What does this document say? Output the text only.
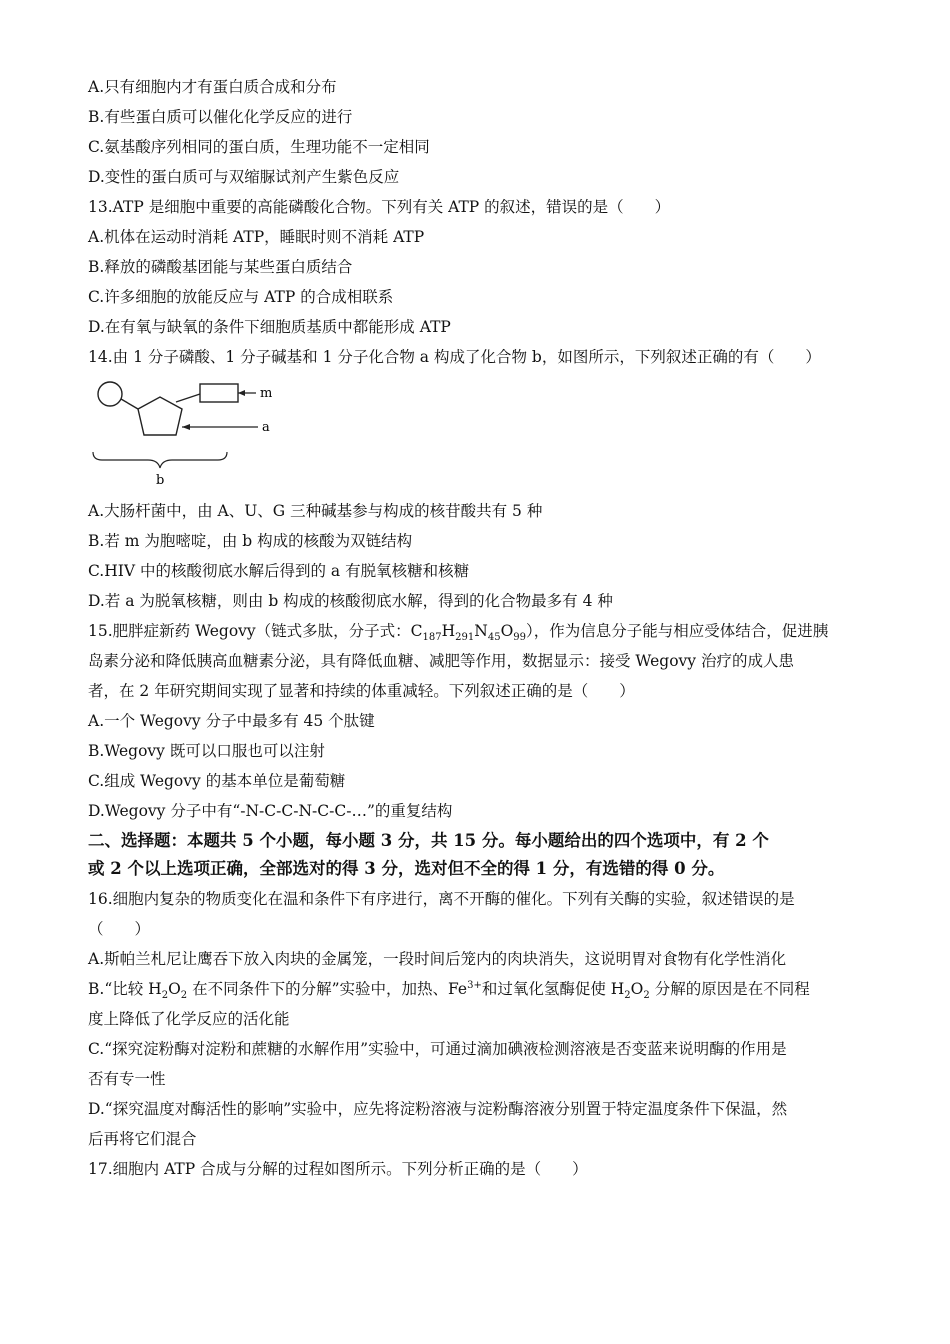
A.只有细胞内才有蛋白质合成和分布
B.有些蛋白质可以催化化学反应的进行
C.氨基酸序列相同的蛋白质，生理功能不一定相同
D.变性的蛋白质可与双缩脲试剂产生紫色反应
13.ATP 是细胞中重要的高能磷酸化合物。下列有关 ATP 的叙述，错误的是（　　）
A.机体在运动时消耗 ATP，睡眠时则不消耗 ATP
B.释放的磷酸基团能与某些蛋白质结合
C.许多细胞的放能反应与 ATP 的合成相联系
D.在有氧与缺氧的条件下细胞质基质中都能形成 ATP
14.由 1 分子磷酸、1 分子碱基和 1 分子化合物 a 构成了化合物 b，如图所示，下列叙述正确的有（　　）
m
a
b
A.大肠杆菌中，由 A、U、G 三种碱基参与构成的核苷酸共有 5 种
B.若 m 为胞嘧啶，由 b 构成的核酸为双链结构
C.HIV 中的核酸彻底水解后得到的 a 有脱氧核糖和核糖
D.若 a 为脱氧核糖，则由 b 构成的核酸彻底水解，得到的化合物最多有 4 种
15.肥胖症新药 Wegovy（链式多肽，分子式：$C_{187}H_{291}N_{45}O_{99}$），作为信息分子能与相应受体结合，促进胰
岛素分泌和降低胰高血糖素分泌，具有降低血糖、减肥等作用，数据显示：接受 Wegovy 治疗的成人患
者，在 2 年研究期间实现了显著和持续的体重减轻。下列叙述正确的是（　　）
A.一个 Wegovy 分子中最多有 45 个肽键
B.Wegovy 既可以口服也可以注射
C.组成 Wegovy 的基本单位是葡萄糖
D.Wegovy 分子中有“-N-C-C-N-C-C-…”的重复结构
二、选择题：本题共 5 个小题，每小题 3 分，共 15 分。每小题给出的四个选项中，有 2 个
或 2 个以上选项正确，全部选对的得 3 分，选对但不全的得 1 分，有选错的得 0 分。
16.细胞内复杂的物质变化在温和条件下有序进行，离不开酶的催化。下列有关酶的实验，叙述错误的是
（　　）
A.斯帕兰札尼让鹰吞下放入肉块的金属笼，一段时间后笼内的肉块消失，这说明胃对食物有化学性消化
B.“比较 $H_2O_2$ 在不同条件下的分解”实验中，加热、$Fe^{3+}$和过氧化氢酶促使 $H_2O_2$ 分解的原因是在不同程
度上降低了化学反应的活化能
C.“探究淀粉酶对淀粉和蔗糖的水解作用”实验中，可通过滴加碘液检测溶液是否变蓝来说明酶的作用是
否有专一性
D.“探究温度对酶活性的影响”实验中，应先将淀粉溶液与淀粉酶溶液分别置于特定温度条件下保温，然
后再将它们混合
17.细胞内 ATP 合成与分解的过程如图所示。下列分析正确的是（　　）
